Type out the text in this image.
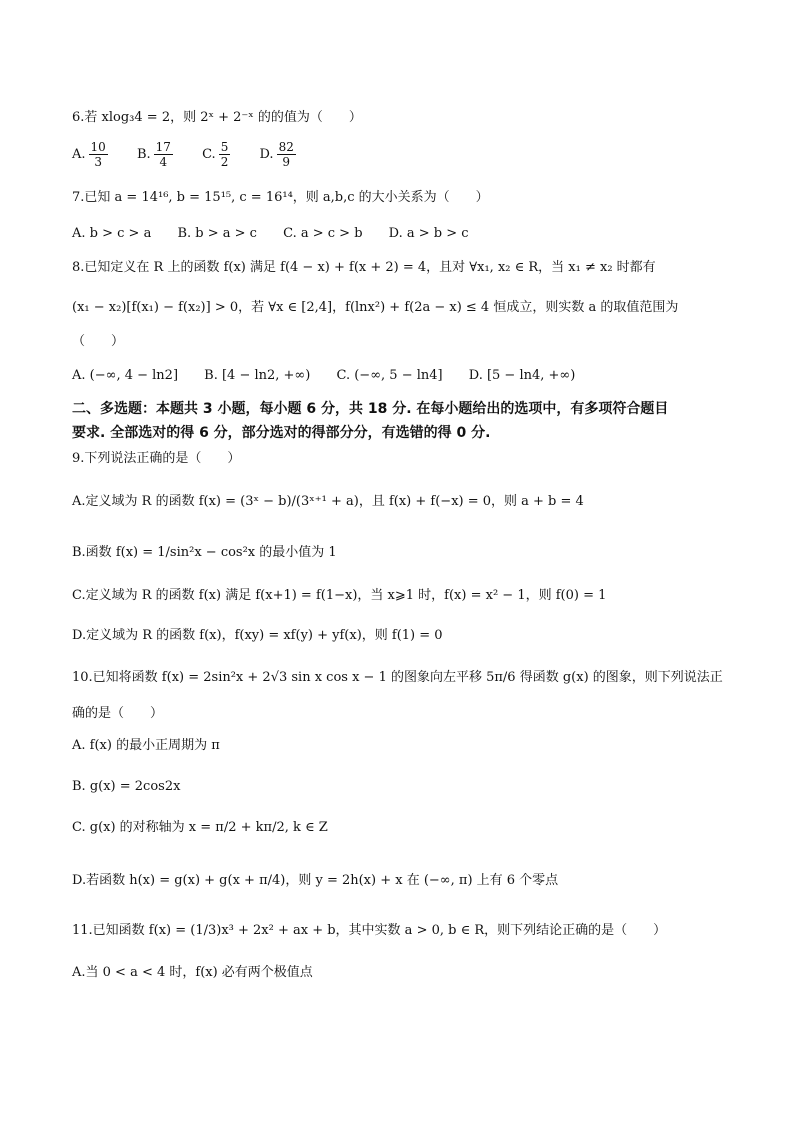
6.若 xlog₃4 = 2，则 2ˣ + 2⁻ˣ 的的值为（　　）
A. $\frac{10}{3} B$. $\frac{17}{4} C$. $\frac{5}{2} D$. $\frac{82}{9}$
7.已知 a = 14¹⁶, b = 15¹⁵, c = 16¹⁴，则 a,b,c 的大小关系为（　　）
A. b > c > a B. b > a > c C. a > c > b D. a > b > c
8.已知定义在 R 上的函数 f(x) 满足 f(4 − x) + f(x + 2) = 4，且对 ∀x₁, x₂ ∈ R，当 x₁ ≠ x₂ 时都有
(x₁ − x₂)[f(x₁) − f(x₂)] > 0，若 ∀x ∈ [2,4]，f(lnx²) + f(2a − x) ≤ 4 恒成立，则实数 a 的取值范围为
（　　）
A. (−∞, 4 − ln2] B. [4 − ln2, +∞) C. (−∞, 5 − ln4] D. [5 − ln4, +∞)
二、多选题：本题共 3 小题，每小题 6 分，共 18 分. 在每小题给出的选项中，有多项符合题目
要求. 全部选对的得 6 分，部分选对的得部分分，有选错的得 0 分.
9.下列说法正确的是（　　）
A.定义域为 R 的函数 f(x) = (3ˣ − b)/(3ˣ⁺¹ + a)，且 f(x) + f(−x) = 0，则 a + b = 4
B.函数 f(x) = 1/sin²x − cos²x 的最小值为 1
C.定义域为 R 的函数 f(x) 满足 f(x+1) = f(1−x)，当 x⩾1 时，f(x) = x² − 1，则 f(0) = 1
D.定义域为 R 的函数 f(x)，f(xy) = xf(y) + yf(x)，则 f(1) = 0
10.已知将函数 f(x) = 2sin²x + 2√3 sin x cos x − 1 的图象向左平移 5π/6 得函数 g(x) 的图象，则下列说法正
确的是（　　）
A. f(x) 的最小正周期为 π
B. g(x) = 2cos2x
C. g(x) 的对称轴为 x = π/2 + kπ/2, k ∈ Z
D.若函数 h(x) = g(x) + g(x + π/4)，则 y = 2h(x) + x 在 (−∞, π) 上有 6 个零点
11.已知函数 f(x) = (1/3)x³ + 2x² + ax + b，其中实数 a > 0, b ∈ R，则下列结论正确的是（　　）
A.当 0 < a < 4 时，f(x) 必有两个极值点
